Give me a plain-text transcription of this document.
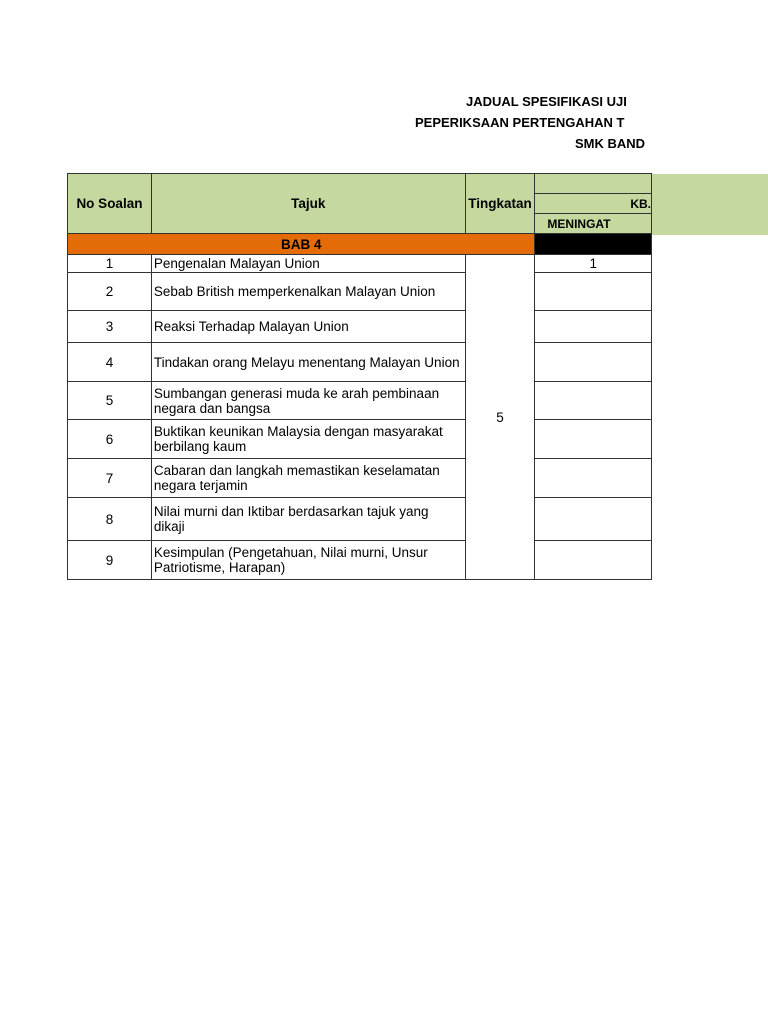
JADUAL SPESIFIKASI UJI
PEPERIKSAAN PERTENGAHAN T
SMK BAND
No Soalan	Tajuk	Tingkatan	
			KB.
			MENINGAT
BAB 4			
1	Pengenalan Malayan Union	5	1
2	Sebab British memperkenalkan Malayan Union		
3	Reaksi Terhadap Malayan Union		
4	Tindakan orang Melayu menentang Malayan Union		
5	Sumbangan generasi muda ke arah pembinaan negara dan bangsa		
6	Buktikan keunikan Malaysia dengan masyarakat berbilang kaum		
7	Cabaran dan langkah memastikan keselamatan negara terjamin		
8	Nilai murni dan Iktibar berdasarkan tajuk yang dikaji		
9	Kesimpulan (Pengetahuan, Nilai murni, Unsur Patriotisme, Harapan)		
